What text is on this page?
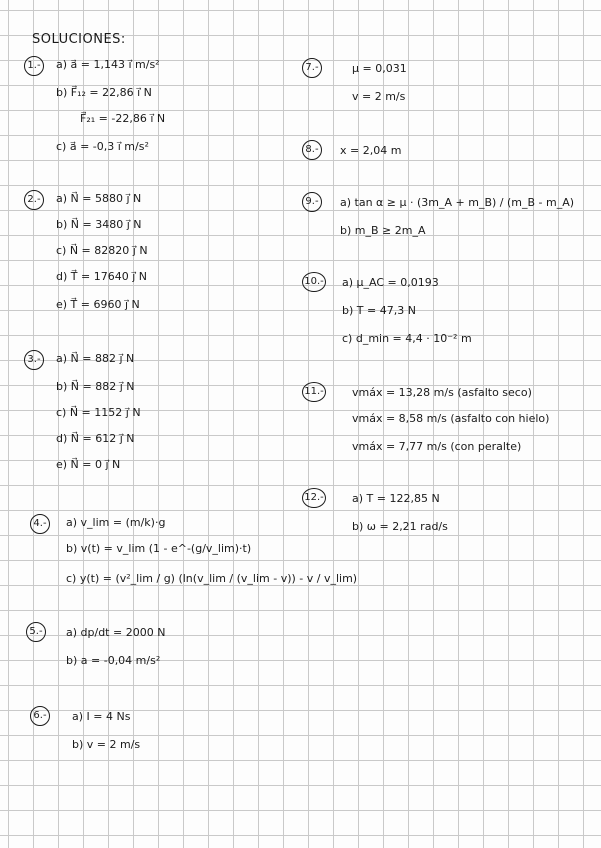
SOLUCIONES:
1.-	a) a⃗ = 1,143 i⃗ m/s²
b) F⃗₁₂ = 22,86 i⃗ N
F⃗₂₁ = -22,86 i⃗ N
c) a⃗ = -0,3 i⃗ m/s²
2.-	a) N⃗ = 5880 j⃗ N
b) N⃗ = 3480 j⃗ N
c) N⃗ = 82820 j⃗ N
d) T⃗ = 17640 j⃗ N
e) T⃗ = 6960 j⃗ N
3.-	a) N⃗ = 882 j⃗ N
b) N⃗ = 882 j⃗ N
c) N⃗ = 1152 j⃗ N
d) N⃗ = 612 j⃗ N
e) N⃗ = 0 j⃗ N
4.-	a) v_lim = (m/k)·g
b) v(t) = v_lim (1 - e^-(g/v_lim)·t)
c) y(t) = (v²_lim / g) (ln(v_lim / (v_lim - v)) - v / v_lim)
5.-	a) dp/dt = 2000 N
b) a = -0,04 m/s²
6.-	a) I = 4 Ns
b) v = 2 m/s
7.-	μ = 0,031
v = 2 m/s
8.-	x = 2,04 m
9.-	a) tan α ≥ μ · (3m_A + m_B) / (m_B - m_A)
b) m_B ≥ 2m_A
10.- a) μ_AC = 0,0193
b) T = 47,3 N
c) d_min = 4,4 · 10⁻² m
11.-	vmáx = 13,28 m/s (asfalto seco)
vmáx = 8,58 m/s (asfalto con hielo)
vmáx = 7,77 m/s (con peralte)
12.-	a) T = 122,85 N
b) ω = 2,21 rad/s
